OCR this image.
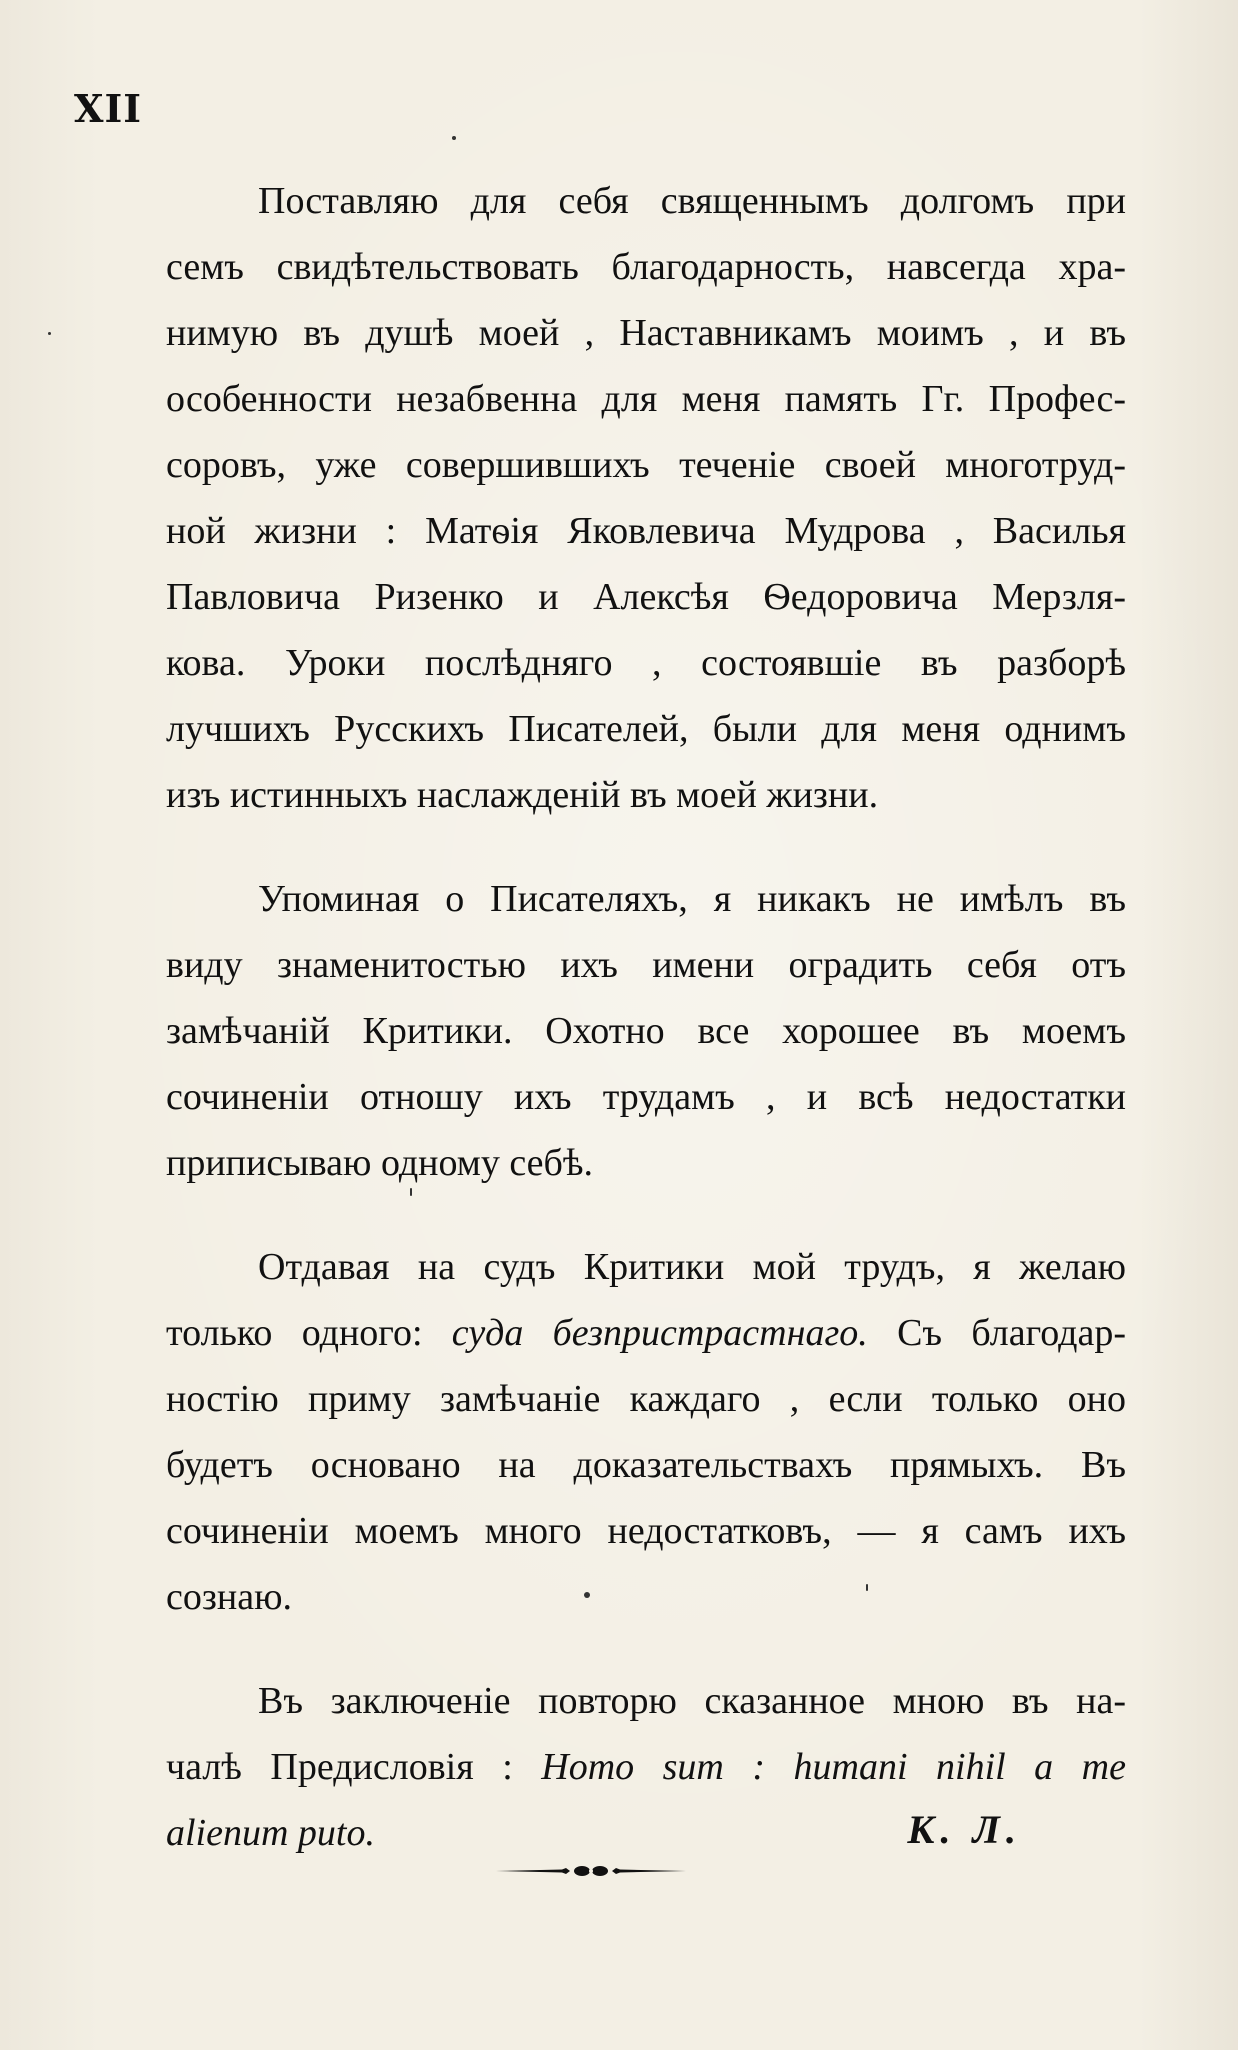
XII
Поставляю для себя священнымъ долгомъ при
семъ свидѣтельствовать благодарность, навсегда хра-
нимую въ душѣ моей , Наставникамъ моимъ , и въ
особенности незабвенна для меня память Гг. Профес-
соровъ, уже совершившихъ теченіе своей многотруд-
ной жизни : Матѳія Яковлевича Мудрова , Василья
Павловича Ризенко и Алексѣя Ѳедоровича Мерзля-
кова. Уроки послѣдняго , состоявшіе въ разборѣ
лучшихъ Русскихъ Писателей, были для меня однимъ
изъ истинныхъ наслажденій въ моей жизни.
Упоминая о Писателяхъ, я никакъ не имѣлъ въ
виду знаменитостью ихъ имени оградить себя отъ
замѣчаній Критики. Охотно все хорошее въ моемъ
сочиненіи отношу ихъ трудамъ , и всѣ недостатки
приписываю одному себѣ.
Отдавая на судъ Критики мой трудъ, я желаю
только одного: суда безпристрастнаго. Съ благодар-
ностію приму замѣчаніе каждаго , если только оно
будетъ основано на доказательствахъ прямыхъ. Въ
сочиненіи моемъ много недостатковъ, — я самъ ихъ
сознаю.
Въ заключеніе повторю сказанное мною въ на-
чалѣ Предисловія : Homo sum : humani nihil a me
alienum puto.	К. Л.
